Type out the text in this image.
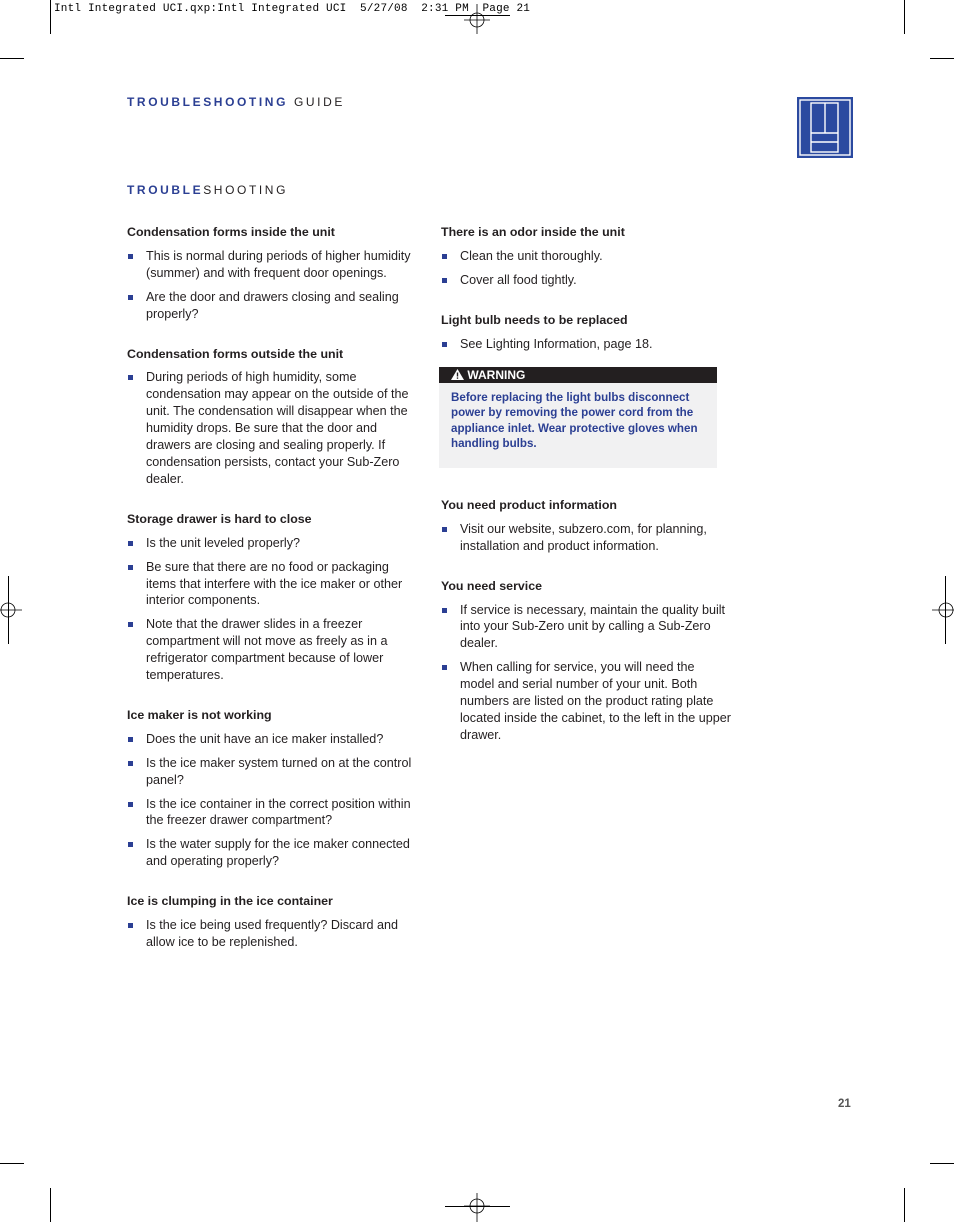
Intl Integrated UCI.qxp:Intl Integrated UCI  5/27/08  2:31 PM  Page 21
TROUBLESHOOTING GUIDE
TROUBLESHOOTING
Condensation forms inside the unit
This is normal during periods of higher humidity (summer) and with frequent door openings.
Are the door and drawers closing and sealing properly?
Condensation forms outside the unit
During periods of high humidity, some condensation may appear on the outside of the unit. The condensation will disappear when the humidity drops. Be sure that the door and drawers are closing and sealing properly. If condensation persists, contact your Sub-Zero dealer.
Storage drawer is hard to close
Is the unit leveled properly?
Be sure that there are no food or packaging items that interfere with the ice maker or other interior components.
Note that the drawer slides in a freezer compartment will not move as freely as in a refrigerator compartment because of lower temperatures.
Ice maker is not working
Does the unit have an ice maker installed?
Is the ice maker system turned on at the control panel?
Is the ice container in the correct position within the freezer drawer compartment?
Is the water supply for the ice maker connected and operating properly?
Ice is clumping in the ice container
Is the ice being used frequently? Discard and allow ice to be replenished.
There is an odor inside the unit
Clean the unit thoroughly.
Cover all food tightly.
Light bulb needs to be replaced
See Lighting Information, page 18.
WARNING
Before replacing the light bulbs disconnect power by removing the power cord from the appliance inlet. Wear protective gloves when handling bulbs.
You need product information
Visit our website, subzero.com, for planning, installation and product information.
You need service
If service is necessary, maintain the quality built into your Sub-Zero unit by calling a Sub-Zero dealer.
When calling for service, you will need the model and serial number of your unit. Both numbers are listed on the product rating plate located inside the cabinet, to the left in the upper drawer.
21
